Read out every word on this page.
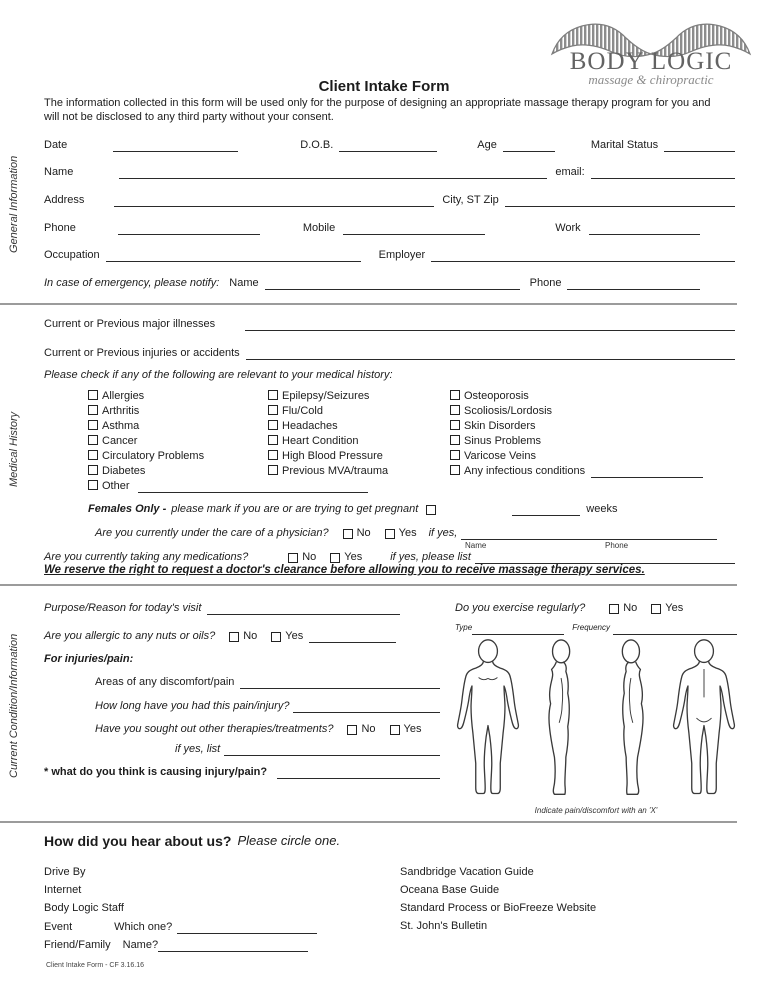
BODY LOGIC
massage & chiropractic
Client Intake Form
The information collected in this form will be used only for the purpose of designing an appropriate massage therapy program for you and will not be disclosed to any third party without your consent.
General Information
Medical History
Current Condition/Information
Date	D.O.B.	Age	Marital Status
Name	email:
Address	City, ST Zip
Phone	Mobile	Work
Occupation	Employer
In case of emergency, please notify: Name	Phone
Current or Previous major illnesses
Current or Previous injuries or accidents
Please check if any of the following are relevant to your medical history:
Allergies
Arthritis
Asthma
Cancer
Circulatory Problems
Diabetes
Other
Epilepsy/Seizures
Flu/Cold
Headaches
Heart Condition
High Blood Pressure
Previous MVA/trauma
Osteoporosis
Scoliosis/Lordosis
Skin Disorders
Sinus Problems
Varicose Veins
Any infectious conditions
Females Only - please mark if you are or are trying to get pregnant	weeks
Are you currently under the care of a physician?	No	Yes if yes,
Name	Phone
Are you currently taking any medications?	No	Yes	if yes, please list
We reserve the right to request a doctor's clearance before allowing you to receive massage therapy services.
Purpose/Reason for today's visit
Are you allergic to any nuts or oils?	No	Yes
For injuries/pain:
Areas of any discomfort/pain
How long have you had this pain/injury?
Have you sought out other therapies/treatments?	No	Yes
if yes, list
* what do you think is causing injury/pain?
Do you exercise regularly?	No	Yes
Type	Frequency
Indicate pain/discomfort with an 'X'
How did you hear about us? Please circle one.
Drive By
Internet
Body Logic Staff
Event	Which one?
Friend/Family Name?
Sandbridge Vacation Guide
Oceana Base Guide
Standard Process or BioFreeze Website
St. John's Bulletin
Client Intake Form - CF 3.16.16
